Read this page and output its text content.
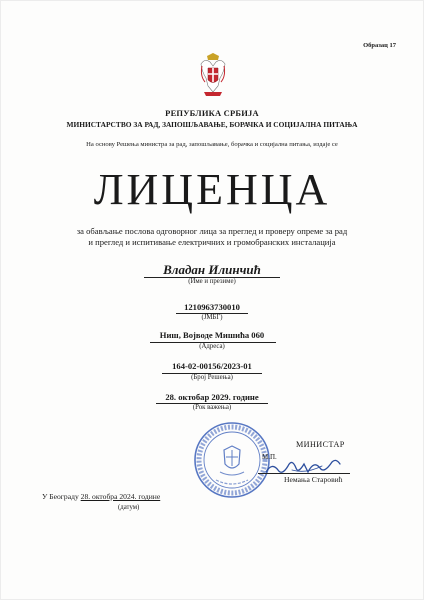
Образац 17
РЕПУБЛИКА СРБИЈА
МИНИСТАРСТВО ЗА РАД, ЗАПОШЉАВАЊЕ, БОРАЧКА И СОЦИЈАЛНА ПИТАЊА
На основу Решења министра за рад, запошљавање, борачка и социјална питања, издаје се
ЛИЦЕНЦА
за обављање послова одговорног лица за преглед и проверу опреме за рад
и преглед и испитивање електричних и громобранских инсталација
Владан Илинчић
(Име и презиме)
1210963730010
(ЈМБГ)
Ниш, Војводе Мишића 060
(Адреса)
164-02-00156/2023-01
(Број Решења)
28. октобар 2029. године
(Рок важења)
МИНИСТАР
М.П.
Немања Старовић
У Београду 28. октобра 2024. године
(датум)
